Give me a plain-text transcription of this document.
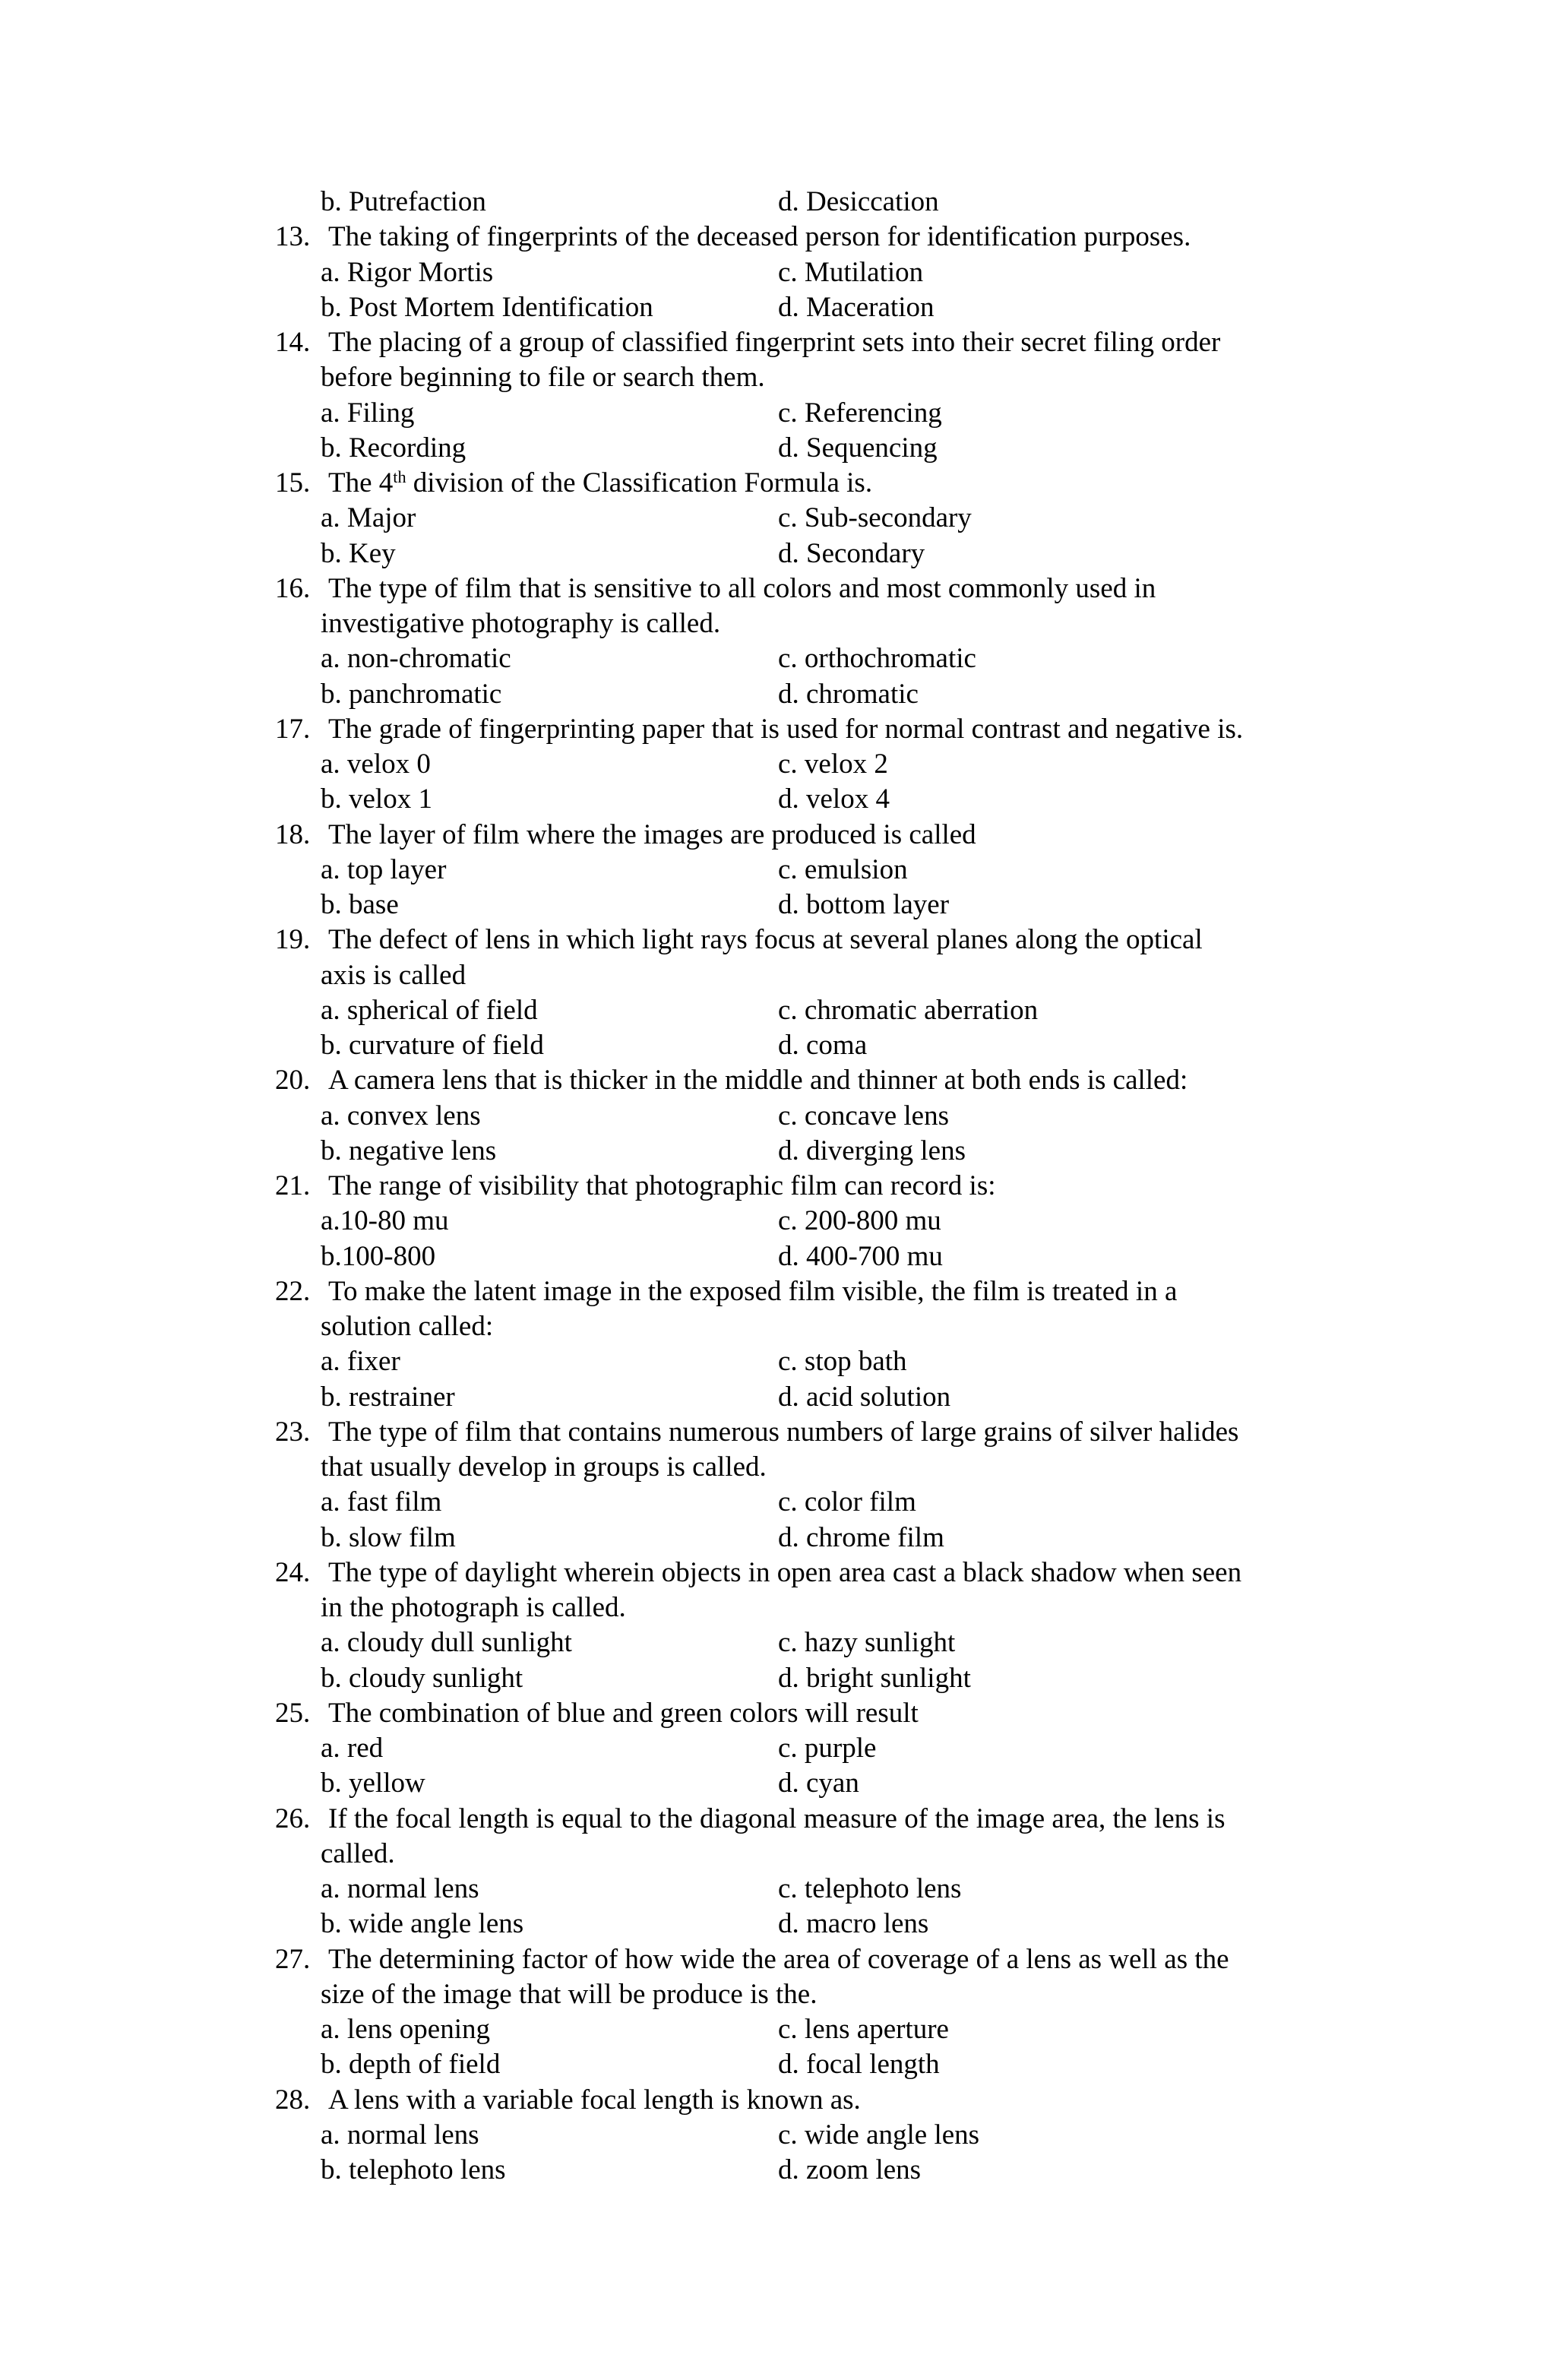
b. Putrefaction	d. Desiccation
13. The taking of fingerprints of the deceased person for identification purposes.
a. Rigor Mortis	c. Mutilation
b. Post Mortem Identification	d. Maceration
14. The placing of a group of classified fingerprint sets into their secret filing order
before beginning to file or search them.
a. Filing	c. Referencing
b. Recording	d. Sequencing
15. The 4th division of the Classification Formula is.
a. Major	c. Sub-secondary
b. Key	d. Secondary
16. The type of film that is sensitive to all colors and most commonly used in
investigative photography is called.
a. non-chromatic	c. orthochromatic
b. panchromatic	d. chromatic
17. The grade of fingerprinting paper that is used for normal contrast and negative is.
a. velox 0	c. velox 2
b. velox 1	d. velox 4
18. The layer of film where the images are produced is called
a. top layer	c. emulsion
b. base	d. bottom layer
19. The defect of lens in which light rays focus at several planes along the optical
axis is called
a. spherical of field	c. chromatic aberration
b. curvature of field	d. coma
20. A camera lens that is thicker in the middle and thinner at both ends is called:
a. convex lens	c. concave lens
b. negative lens	d. diverging lens
21. The range of visibility that photographic film can record is:
a.10-80 mu	c. 200-800 mu
b.100-800	d. 400-700 mu
22. To make the latent image in the exposed film visible, the film is treated in a
solution called:
a. fixer	c. stop bath
b. restrainer	d. acid solution
23. The type of film that contains numerous numbers of large grains of silver halides
that usually develop in groups is called.
a. fast film	c. color film
b. slow film	d. chrome film
24. The type of daylight wherein objects in open area cast a black shadow when seen
in the photograph is called.
a. cloudy dull sunlight	c. hazy sunlight
b. cloudy sunlight	d. bright sunlight
25. The combination of blue and green colors will result
a. red	c. purple
b. yellow	d. cyan
26. If the focal length is equal to the diagonal measure of the image area, the lens is
called.
a. normal lens	c. telephoto lens
b. wide angle lens	d. macro lens
27. The determining factor of how wide the area of coverage of a lens as well as the
size of the image that will be produce is the.
a. lens opening	c. lens aperture
b. depth of field	d. focal length
28. A lens with a variable focal length is known as.
a. normal lens	c. wide angle lens
b. telephoto lens	d. zoom lens
